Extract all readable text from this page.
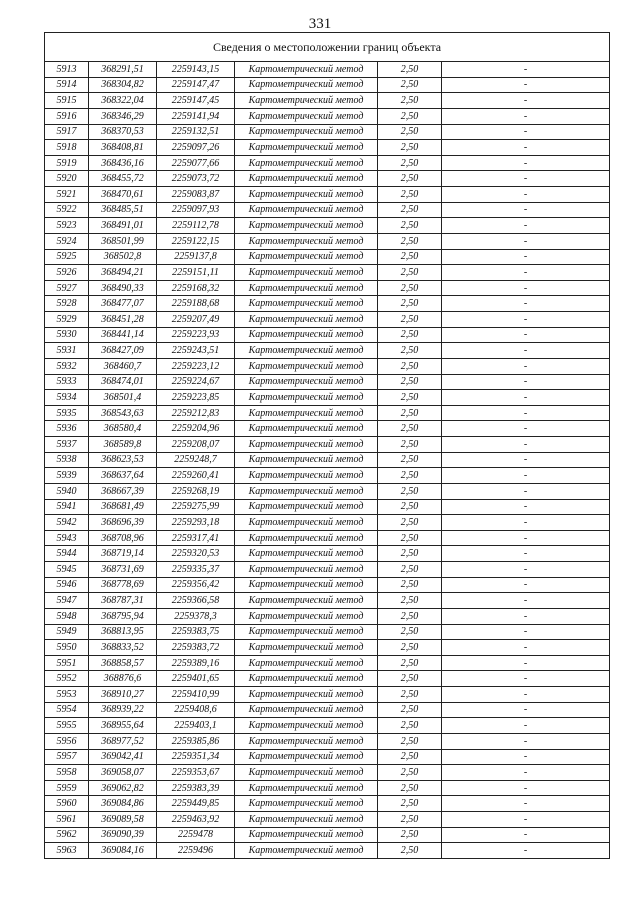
331
Сведения о местоположении границ объекта					
5913	368291,51	2259143,15	Картометрический метод	2,50	-
5914	368304,82	2259147,47	Картометрический метод	2,50	-
5915	368322,04	2259147,45	Картометрический метод	2,50	-
5916	368346,29	2259141,94	Картометрический метод	2,50	-
5917	368370,53	2259132,51	Картометрический метод	2,50	-
5918	368408,81	2259097,26	Картометрический метод	2,50	-
5919	368436,16	2259077,66	Картометрический метод	2,50	-
5920	368455,72	2259073,72	Картометрический метод	2,50	-
5921	368470,61	2259083,87	Картометрический метод	2,50	-
5922	368485,51	2259097,93	Картометрический метод	2,50	-
5923	368491,01	2259112,78	Картометрический метод	2,50	-
5924	368501,99	2259122,15	Картометрический метод	2,50	-
5925	368502,8	2259137,8	Картометрический метод	2,50	-
5926	368494,21	2259151,11	Картометрический метод	2,50	-
5927	368490,33	2259168,32	Картометрический метод	2,50	-
5928	368477,07	2259188,68	Картометрический метод	2,50	-
5929	368451,28	2259207,49	Картометрический метод	2,50	-
5930	368441,14	2259223,93	Картометрический метод	2,50	-
5931	368427,09	2259243,51	Картометрический метод	2,50	-
5932	368460,7	2259223,12	Картометрический метод	2,50	-
5933	368474,01	2259224,67	Картометрический метод	2,50	-
5934	368501,4	2259223,85	Картометрический метод	2,50	-
5935	368543,63	2259212,83	Картометрический метод	2,50	-
5936	368580,4	2259204,96	Картометрический метод	2,50	-
5937	368589,8	2259208,07	Картометрический метод	2,50	-
5938	368623,53	2259248,7	Картометрический метод	2,50	-
5939	368637,64	2259260,41	Картометрический метод	2,50	-
5940	368667,39	2259268,19	Картометрический метод	2,50	-
5941	368681,49	2259275,99	Картометрический метод	2,50	-
5942	368696,39	2259293,18	Картометрический метод	2,50	-
5943	368708,96	2259317,41	Картометрический метод	2,50	-
5944	368719,14	2259320,53	Картометрический метод	2,50	-
5945	368731,69	2259335,37	Картометрический метод	2,50	-
5946	368778,69	2259356,42	Картометрический метод	2,50	-
5947	368787,31	2259366,58	Картометрический метод	2,50	-
5948	368795,94	2259378,3	Картометрический метод	2,50	-
5949	368813,95	2259383,75	Картометрический метод	2,50	-
5950	368833,52	2259383,72	Картометрический метод	2,50	-
5951	368858,57	2259389,16	Картометрический метод	2,50	-
5952	368876,6	2259401,65	Картометрический метод	2,50	-
5953	368910,27	2259410,99	Картометрический метод	2,50	-
5954	368939,22	2259408,6	Картометрический метод	2,50	-
5955	368955,64	2259403,1	Картометрический метод	2,50	-
5956	368977,52	2259385,86	Картометрический метод	2,50	-
5957	369042,41	2259351,34	Картометрический метод	2,50	-
5958	369058,07	2259353,67	Картометрический метод	2,50	-
5959	369062,82	2259383,39	Картометрический метод	2,50	-
5960	369084,86	2259449,85	Картометрический метод	2,50	-
5961	369089,58	2259463,92	Картометрический метод	2,50	-
5962	369090,39	2259478	Картометрический метод	2,50	-
5963	369084,16	2259496	Картометрический метод	2,50	-
